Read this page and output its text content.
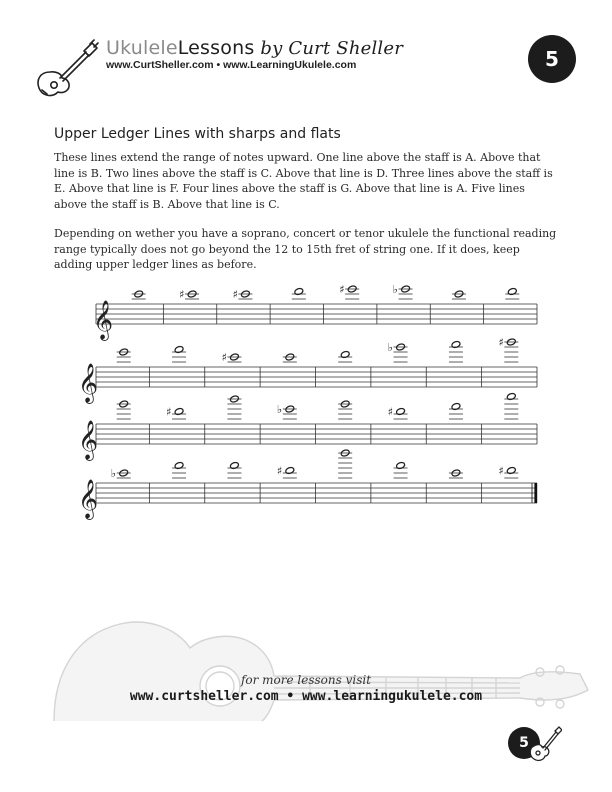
UkuleleLessons by Curt Sheller
www.CurtSheller.com • www.LearningUkulele.com	5
Upper Ledger Lines with sharps and flats

These lines extend the range of notes upward. One line above the staff is A. Above that line is B. Two lines above the staff is C. Above that line is D. Three lines above the staff is E. Above that line is F. Four lines above the staff is G. Above that line is A. Five lines above the staff is B. Above that line is C.

Depending on wether you have a soprano, concert or tenor ukulele the functional reading range typically does not go beyond the 12 to 15th fret of string one. If it does, keep adding upper ledger lines as before.

𝄞
♯	♯	♯	♭
𝄞
♯
♭	♯
𝄞
♯	♭	♯
𝄞
♭	♯	♯
for more lessons visit
www.curtsheller.com • www.learningukulele.com
5
